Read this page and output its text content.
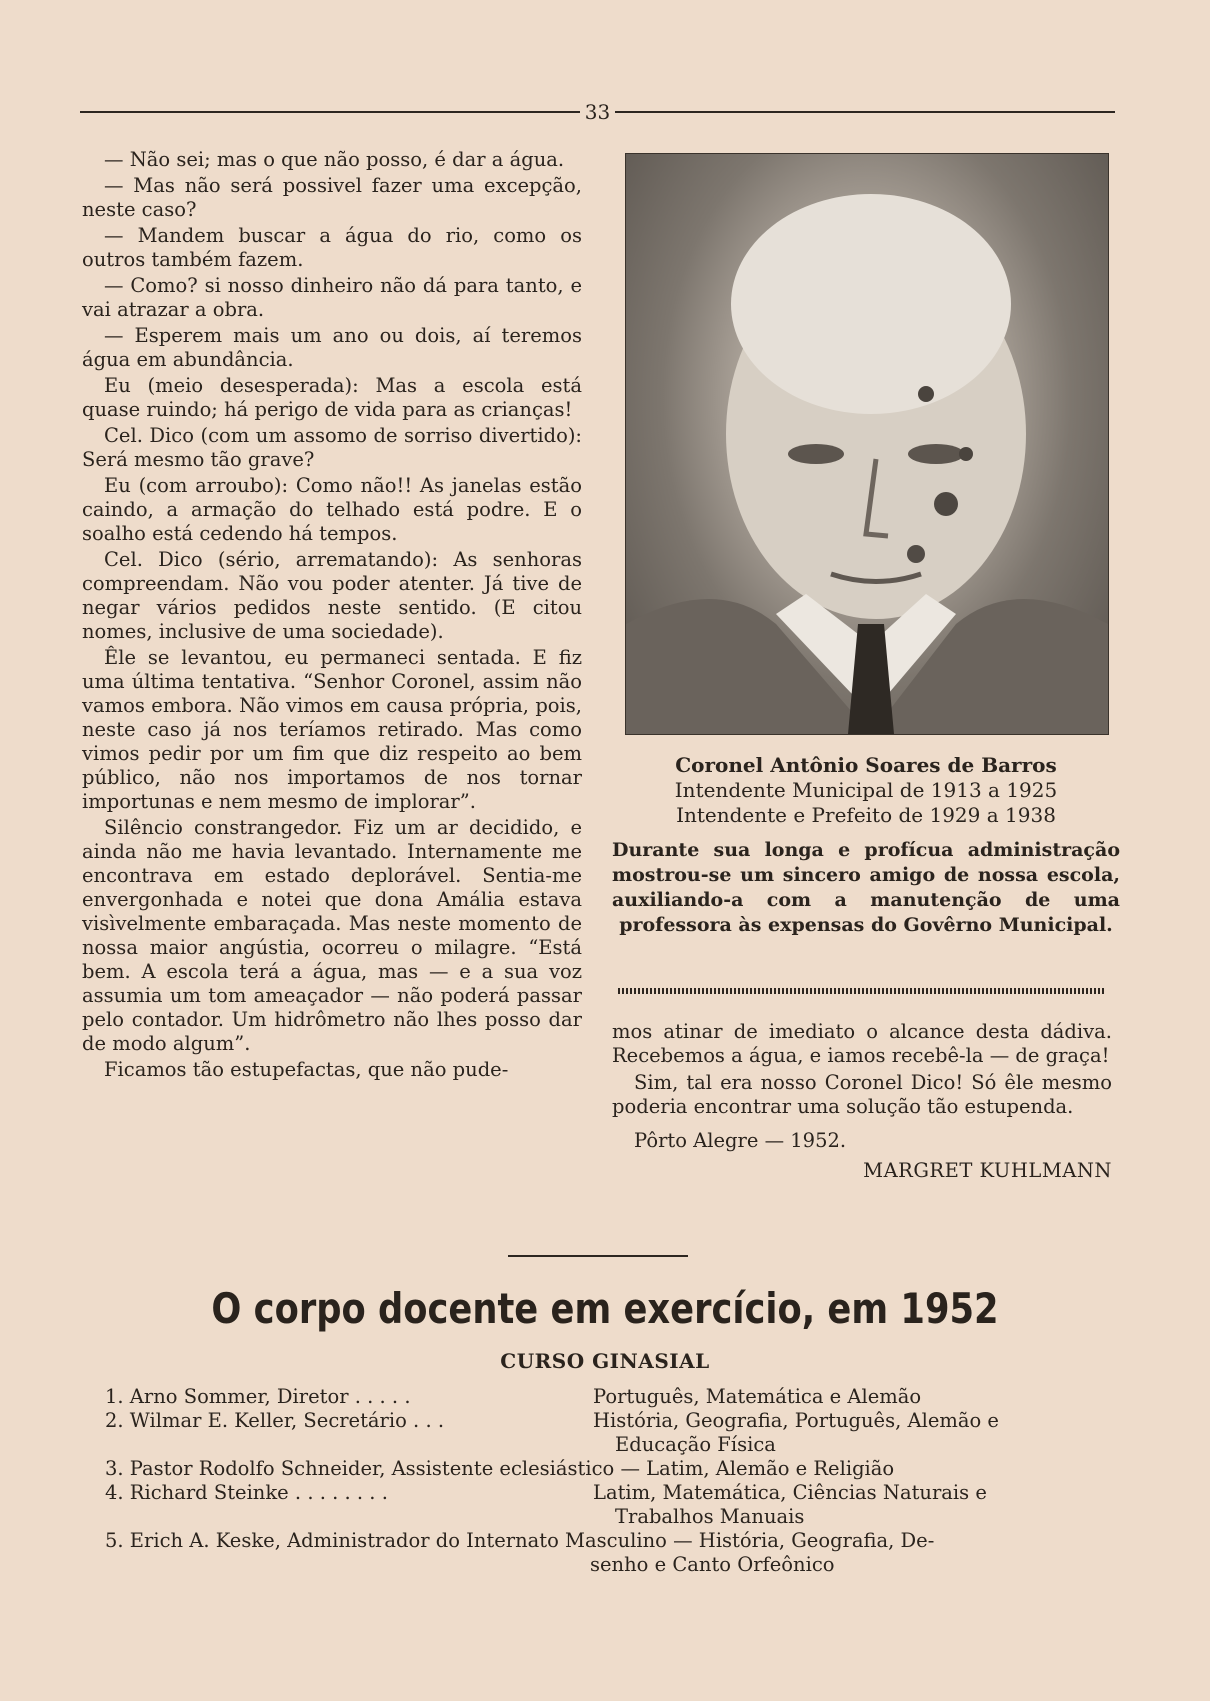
33

— Não sei; mas o que não posso, é dar a água.

— Mas não será possivel fazer uma excepção, neste caso?

— Mandem buscar a água do rio, como os outros também fazem.

— Como? si nosso dinheiro não dá para tanto, e vai atrazar a obra.

— Esperem mais um ano ou dois, aí teremos água em abundância.

Eu (meio desesperada): Mas a escola está quase ruindo; há perigo de vida para as crianças!

Cel. Dico (com um assomo de sorriso divertido): Será mesmo tão grave?

Eu (com arroubo): Como não!! As janelas estão caindo, a armação do telhado está podre. E o soalho está cedendo há tempos.

Cel. Dico (sério, arrematando): As senhoras compreendam. Não vou poder atenter. Já tive de negar vários pedidos neste sentido. (E citou nomes, inclusive de uma sociedade).

Êle se levantou, eu permaneci sentada. E fiz uma última tentativa. “Senhor Coronel, assim não vamos embora. Não vimos em causa própria, pois, neste caso já nos teríamos retirado. Mas como vimos pedir por um fim que diz respeito ao bem público, não nos importamos de nos tornar importunas e nem mesmo de implorar”.

Silêncio constrangedor. Fiz um ar decidido, e ainda não me havia levantado. Internamente me encontrava em estado deplorável. Sentia-me envergonhada e notei que dona Amália estava visìvelmente embaraçada. Mas neste momento de nossa maior angústia, ocorreu o milagre. “Está bem. A escola terá a água, mas — e a sua voz assumia um tom ameaçador — não poderá passar pelo contador. Um hidrômetro não lhes posso dar de modo algum”.

Ficamos tão estupefactas, que não pude-

Coronel Antônio Soares de Barros
Intendente Municipal de 1913 a 1925
Intendente e Prefeito de 1929 a 1938
Durante sua longa e profícua administração mostrou-se um sincero amigo de nossa escola, auxiliando-a com a manutenção de uma professora às expensas do Govêrno Municipal.

mos atinar de imediato o alcance desta dádiva. Recebemos a água, e iamos recebê-la — de graça!

Sim, tal era nosso Coronel Dico! Só êle mesmo poderia encontrar uma solução tão estupenda.

Pôrto Alegre — 1952.

MARGRET KUHLMANN

O corpo docente em exercício, em 1952
CURSO GINASIAL
1. Arno Sommer, Diretor . . . . .	Português, Matemática e Alemão
2. Wilmar E. Keller, Secretário . . .	História, Geografia, Português, Alemão e
Educação Física
3. Pastor Rodolfo Schneider, Assistente eclesiástico — Latim, Alemão e Religião
4. Richard Steinke . . . . . . . .	Latim, Matemática, Ciências Naturais e
Trabalhos Manuais
5. Erich A. Keske, Administrador do Internato Masculino — História, Geografia, De-
senho e Canto Orfeônico
